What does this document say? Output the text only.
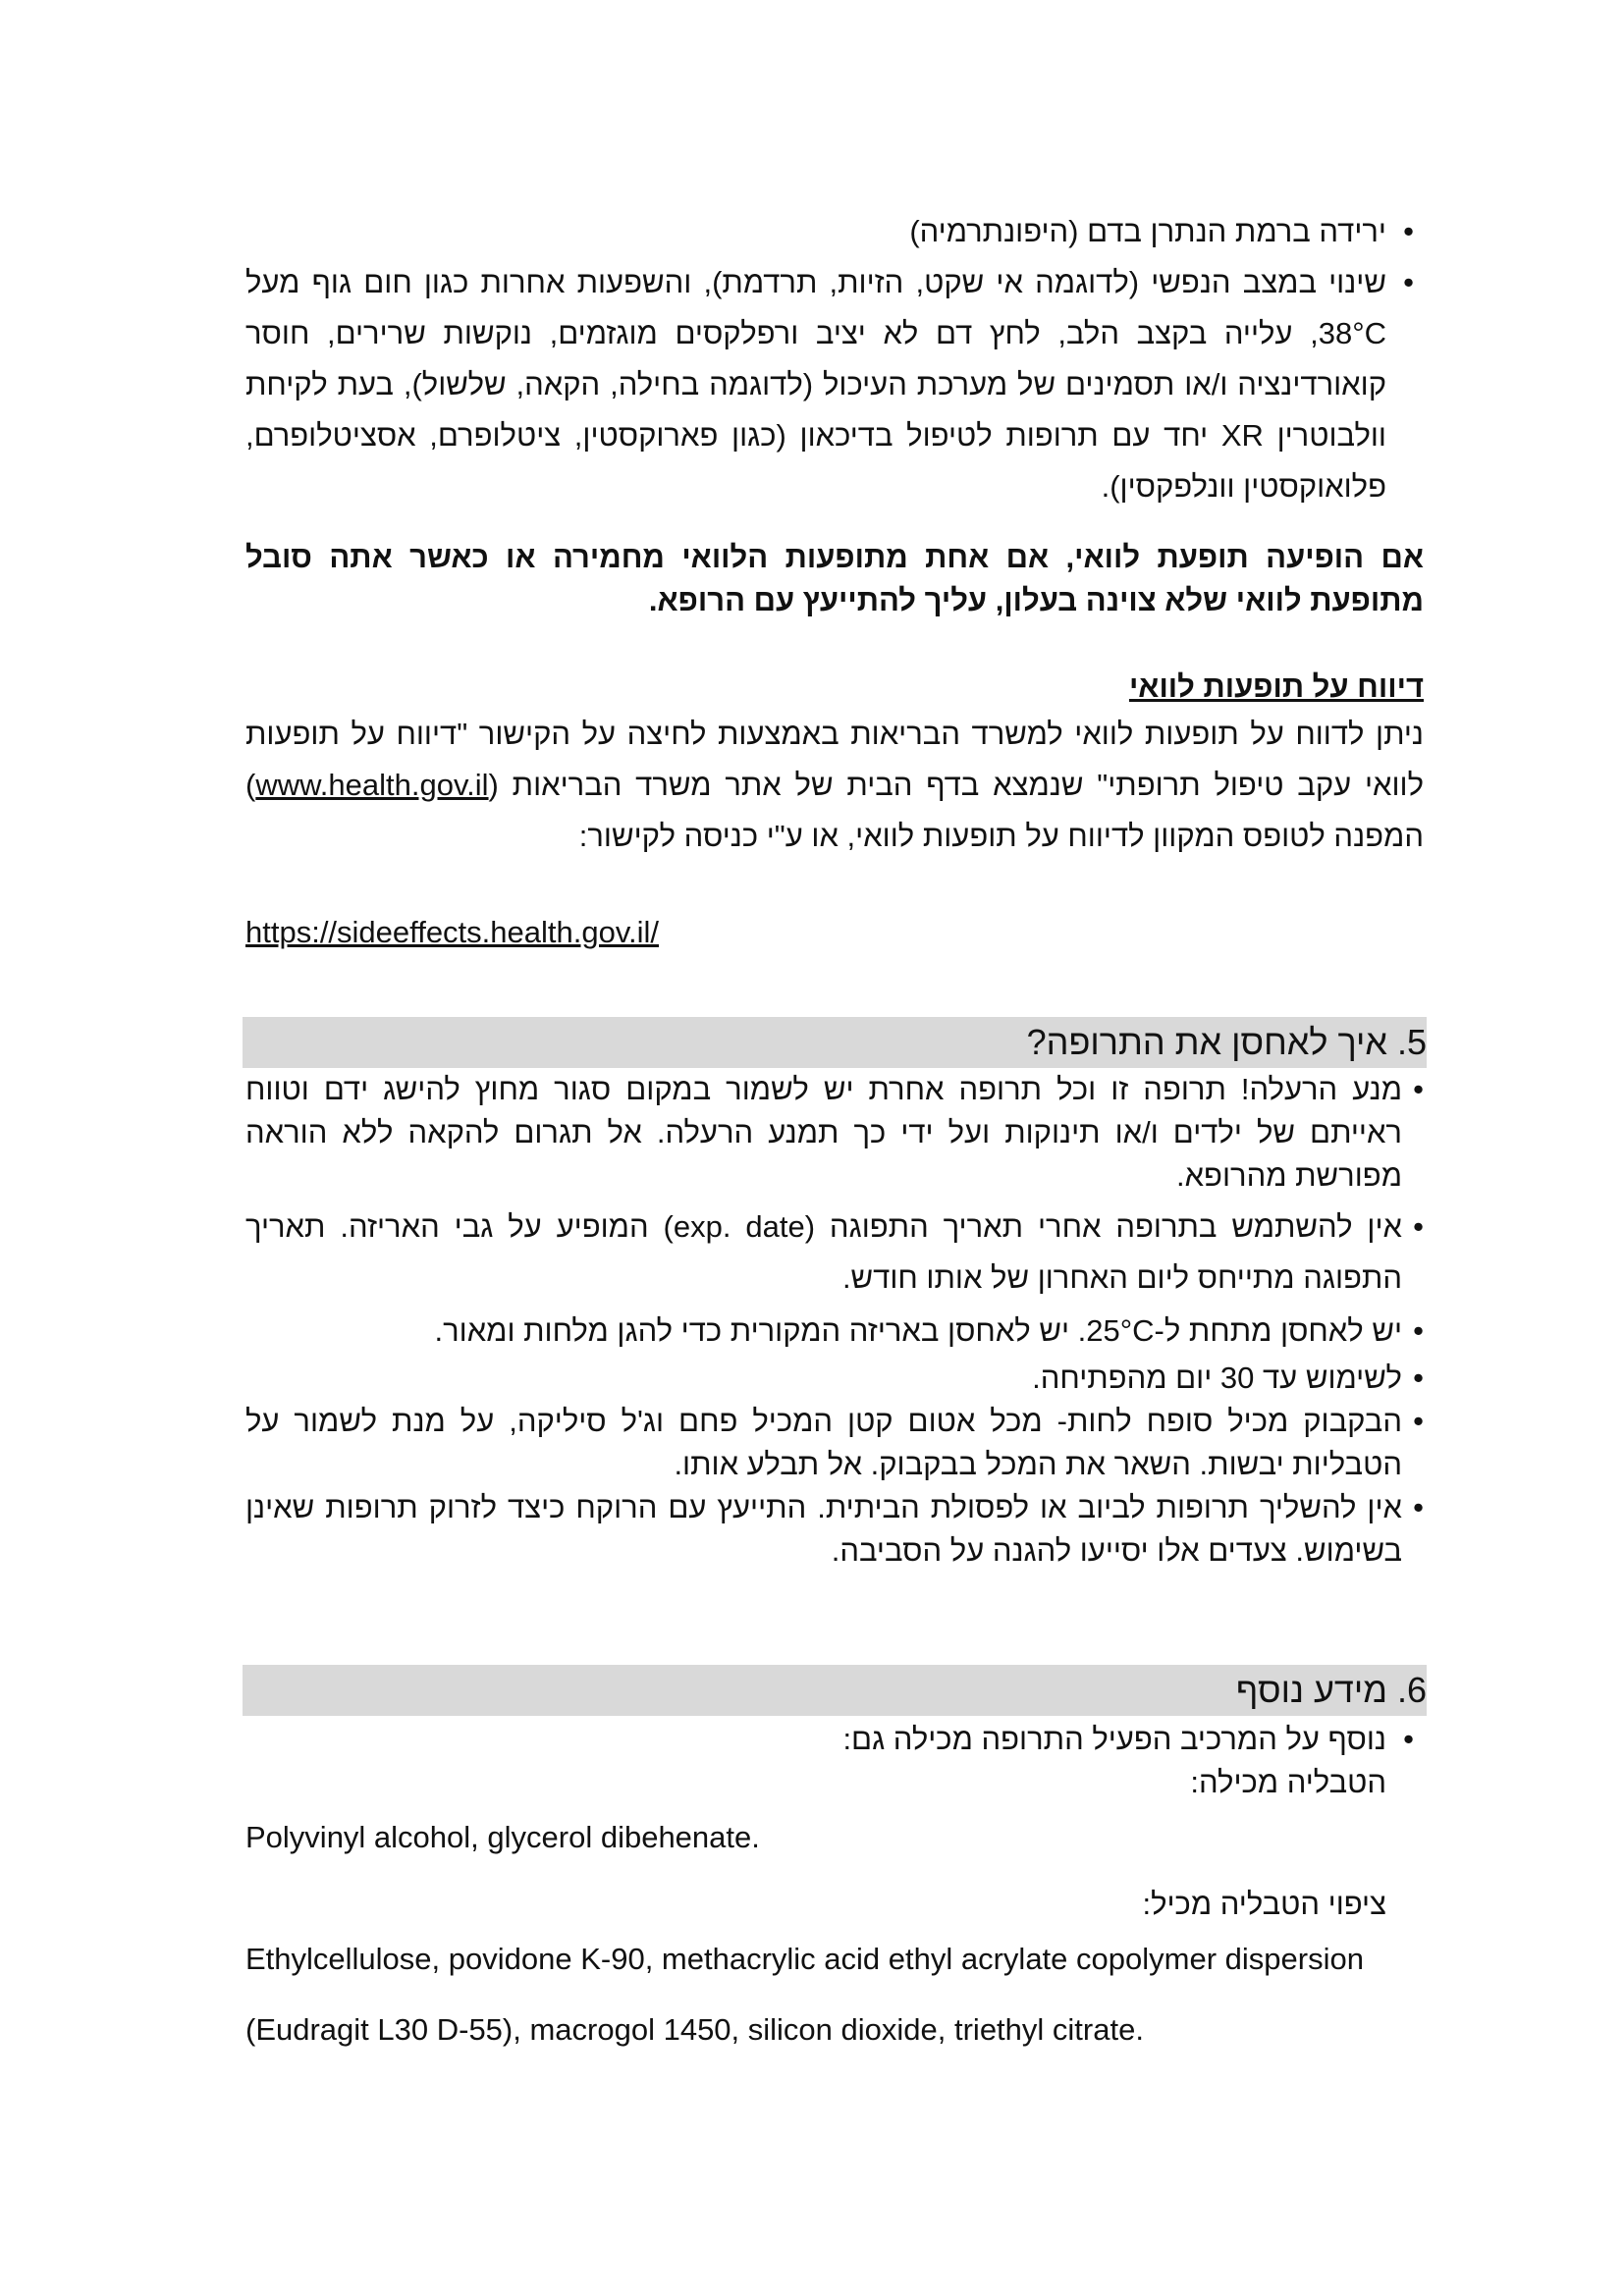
•
ירידה ברמת הנתרן בדם (היפונתרמיה)
•
שינוי במצב הנפשי (לדוגמה אי שקט, הזיות, תרדמת), והשפעות אחרות כגון חום גוף מעל 38°C, עלייה בקצב הלב, לחץ דם לא יציב ורפלקסים מוגזמים, נוקשות שרירים, חוסר קואורדינציה ו/או תסמינים של מערכת העיכול (לדוגמה בחילה, הקאה, שלשול), בעת לקיחת וולבוטרין XR יחד עם תרופות לטיפול בדיכאון (כגון פארוקסטין, ציטלופרם, אסציטלופרם, פלואוקסטין וונלפקסין).
אם הופיעה תופעת לוואי, אם אחת מתופעות הלוואי מחמירה או כאשר אתה סובל מתופעת לוואי שלא צוינה בעלון, עליך להתייעץ עם הרופא.
דיווח על תופעות לוואי
ניתן לדווח על תופעות לוואי למשרד הבריאות באמצעות לחיצה על הקישור "דיווח על תופעות לוואי עקב טיפול תרופתי" שנמצא בדף הבית של אתר משרד הבריאות (www.health.gov.il) המפנה לטופס המקוון לדיווח על תופעות לוואי, או ע"י כניסה לקישור:
https://sideeffects.health.gov.il/
5. איך לאחסן את התרופה?
•
מנע הרעלה! תרופה זו וכל תרופה אחרת יש לשמור במקום סגור מחוץ להישג ידם וטווח ראייתם של ילדים ו/או תינוקות ועל ידי כך תמנע הרעלה. אל תגרום להקאה ללא הוראה מפורשת מהרופא.
•
אין להשתמש בתרופה אחרי תאריך התפוגה (exp. date) המופיע על גבי האריזה. תאריך התפוגה מתייחס ליום האחרון של אותו חודש.
•
יש לאחסן מתחת ל-25°C. יש לאחסן באריזה המקורית כדי להגן מלחות ומאור.
•
לשימוש עד 30 יום מהפתיחה.
•
הבקבוק מכיל סופח לחות- מכל אטום קטן המכיל פחם וג'ל סיליקה, על מנת לשמור על הטבליות יבשות. השאר את המכל בבקבוק. אל תבלע אותו.
•
אין להשליך תרופות לביוב או לפסולת הביתית. התייעץ עם הרוקח כיצד לזרוק תרופות שאינן בשימוש. צעדים אלו יסייעו להגנה על הסביבה.
6. מידע נוסף
•
נוסף על המרכיב הפעיל התרופה מכילה גם:
הטבליה מכילה:
Polyvinyl alcohol, glycerol dibehenate.
ציפוי הטבליה מכיל:
Ethylcellulose, povidone K-90, methacrylic acid ethyl acrylate copolymer dispersion (Eudragit L30 D-55), macrogol 1450, silicon dioxide, triethyl citrate.
